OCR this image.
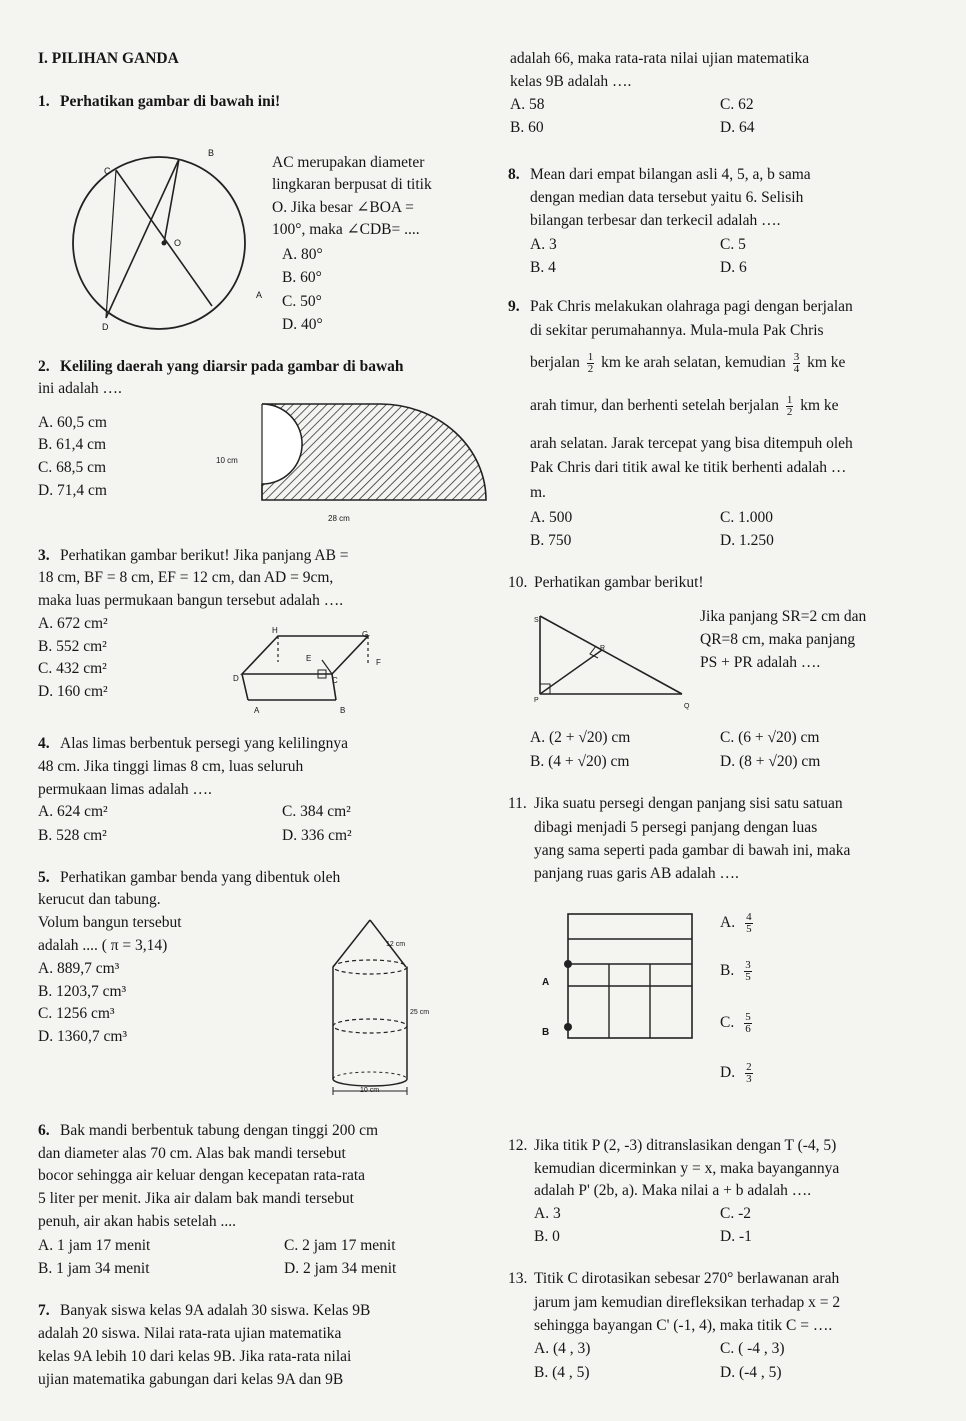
I. PILIHAN GANDA
1. Perhatikan gambar di bawah ini!
B
C
O
A
D
AC merupakan diameter
lingkaran berpusat di titik
O. Jika besar ∠BOA =
100°, maka ∠CDB= ....
A. 80°
B. 60°
C. 50°
D. 40°
2. Keliling daerah yang diarsir pada gambar di bawah
ini adalah ….
A. 60,5 cm
B. 61,4 cm
C. 68,5 cm
D. 71,4 cm
10 cm
28 cm
3. Perhatikan gambar berikut! Jika panjang AB =
18 cm, BF = 8 cm, EF = 12 cm, dan AD = 9cm,
maka luas permukaan bangun tersebut adalah ….
A. 672 cm²
B. 552 cm²
C. 432 cm²
D. 160 cm²
H	G
E	F
D	C
A	B
4. Alas limas berbentuk persegi yang kelilingnya
48 cm. Jika tinggi limas 8 cm, luas seluruh
permukaan limas adalah ….
A. 624 cm²	C. 384 cm²
B. 528 cm²	D. 336 cm²
5. Perhatikan gambar benda yang dibentuk oleh
kerucut dan tabung.
Volum bangun tersebut
adalah .... ( π = 3,14)
A. 889,7 cm³
B. 1203,7 cm³
C. 1256 cm³
D. 1360,7 cm³
12 cm
25 cm
10 cm
6. Bak mandi berbentuk tabung dengan tinggi 200 cm
dan diameter alas 70 cm. Alas bak mandi tersebut
bocor sehingga air keluar dengan kecepatan rata-rata
5 liter per menit. Jika air dalam bak mandi tersebut
penuh, air akan habis setelah ....
A. 1 jam 17 menit	C. 2 jam 17 menit
B. 1 jam 34 menit	D. 2 jam 34 menit
7. Banyak siswa kelas 9A adalah 30 siswa. Kelas 9B
adalah 20 siswa. Nilai rata-rata ujian matematika
kelas 9A lebih 10 dari kelas 9B. Jika rata-rata nilai
ujian matematika gabungan dari kelas 9A dan 9B
adalah 66, maka rata-rata nilai ujian matematika
kelas 9B adalah ….
A. 58	C. 62
B. 60	D. 64
8. Mean dari empat bilangan asli 4, 5, a, b sama
dengan median data tersebut yaitu 6. Selisih
bilangan terbesar dan terkecil adalah ….
A. 3	C. 5
B. 4	D. 6
9. Pak Chris melakukan olahraga pagi dengan berjalan
di sekitar perumahannya. Mula-mula Pak Chris
berjalan $\frac{1}{2}$ km ke arah selatan, kemudian $\frac{3}{4}$ km ke
arah timur, dan berhenti setelah berjalan $\frac{1}{2}$ km ke
arah selatan. Jarak tercepat yang bisa ditempuh oleh
Pak Chris dari titik awal ke titik berhenti adalah …
m.
A. 500	C. 1.000
B. 750	D. 1.250
10. Perhatikan gambar berikut!
S
R
P
Q
Jika panjang SR=2 cm dan
QR=8 cm, maka panjang
PS + PR adalah ….
A. (2 + √20) cm	C. (6 + √20) cm
B. (4 + √20) cm	D. (8 + √20) cm
11. Jika suatu persegi dengan panjang sisi satu satuan
dibagi menjadi 5 persegi panjang dengan luas
yang sama seperti pada gambar di bawah ini, maka
panjang ruas garis AB adalah ….
A
B
A. $\frac{4}{5}$
B. $\frac{3}{5}$
C. $\frac{5}{6}$
D. $\frac{2}{3}$
12. Jika titik P (2, -3) ditranslasikan dengan T (-4, 5)
kemudian dicerminkan y = x, maka bayangannya
adalah P' (2b, a). Maka nilai a + b adalah ….
A. 3	C. -2
B. 0	D. -1
13. Titik C dirotasikan sebesar 270° berlawanan arah
jarum jam kemudian direfleksikan terhadap x = 2
sehingga bayangan C' (-1, 4), maka titik C = ….
A. (4 , 3)	C. ( -4 , 3)
B. (4 , 5)	D. (-4 , 5)
